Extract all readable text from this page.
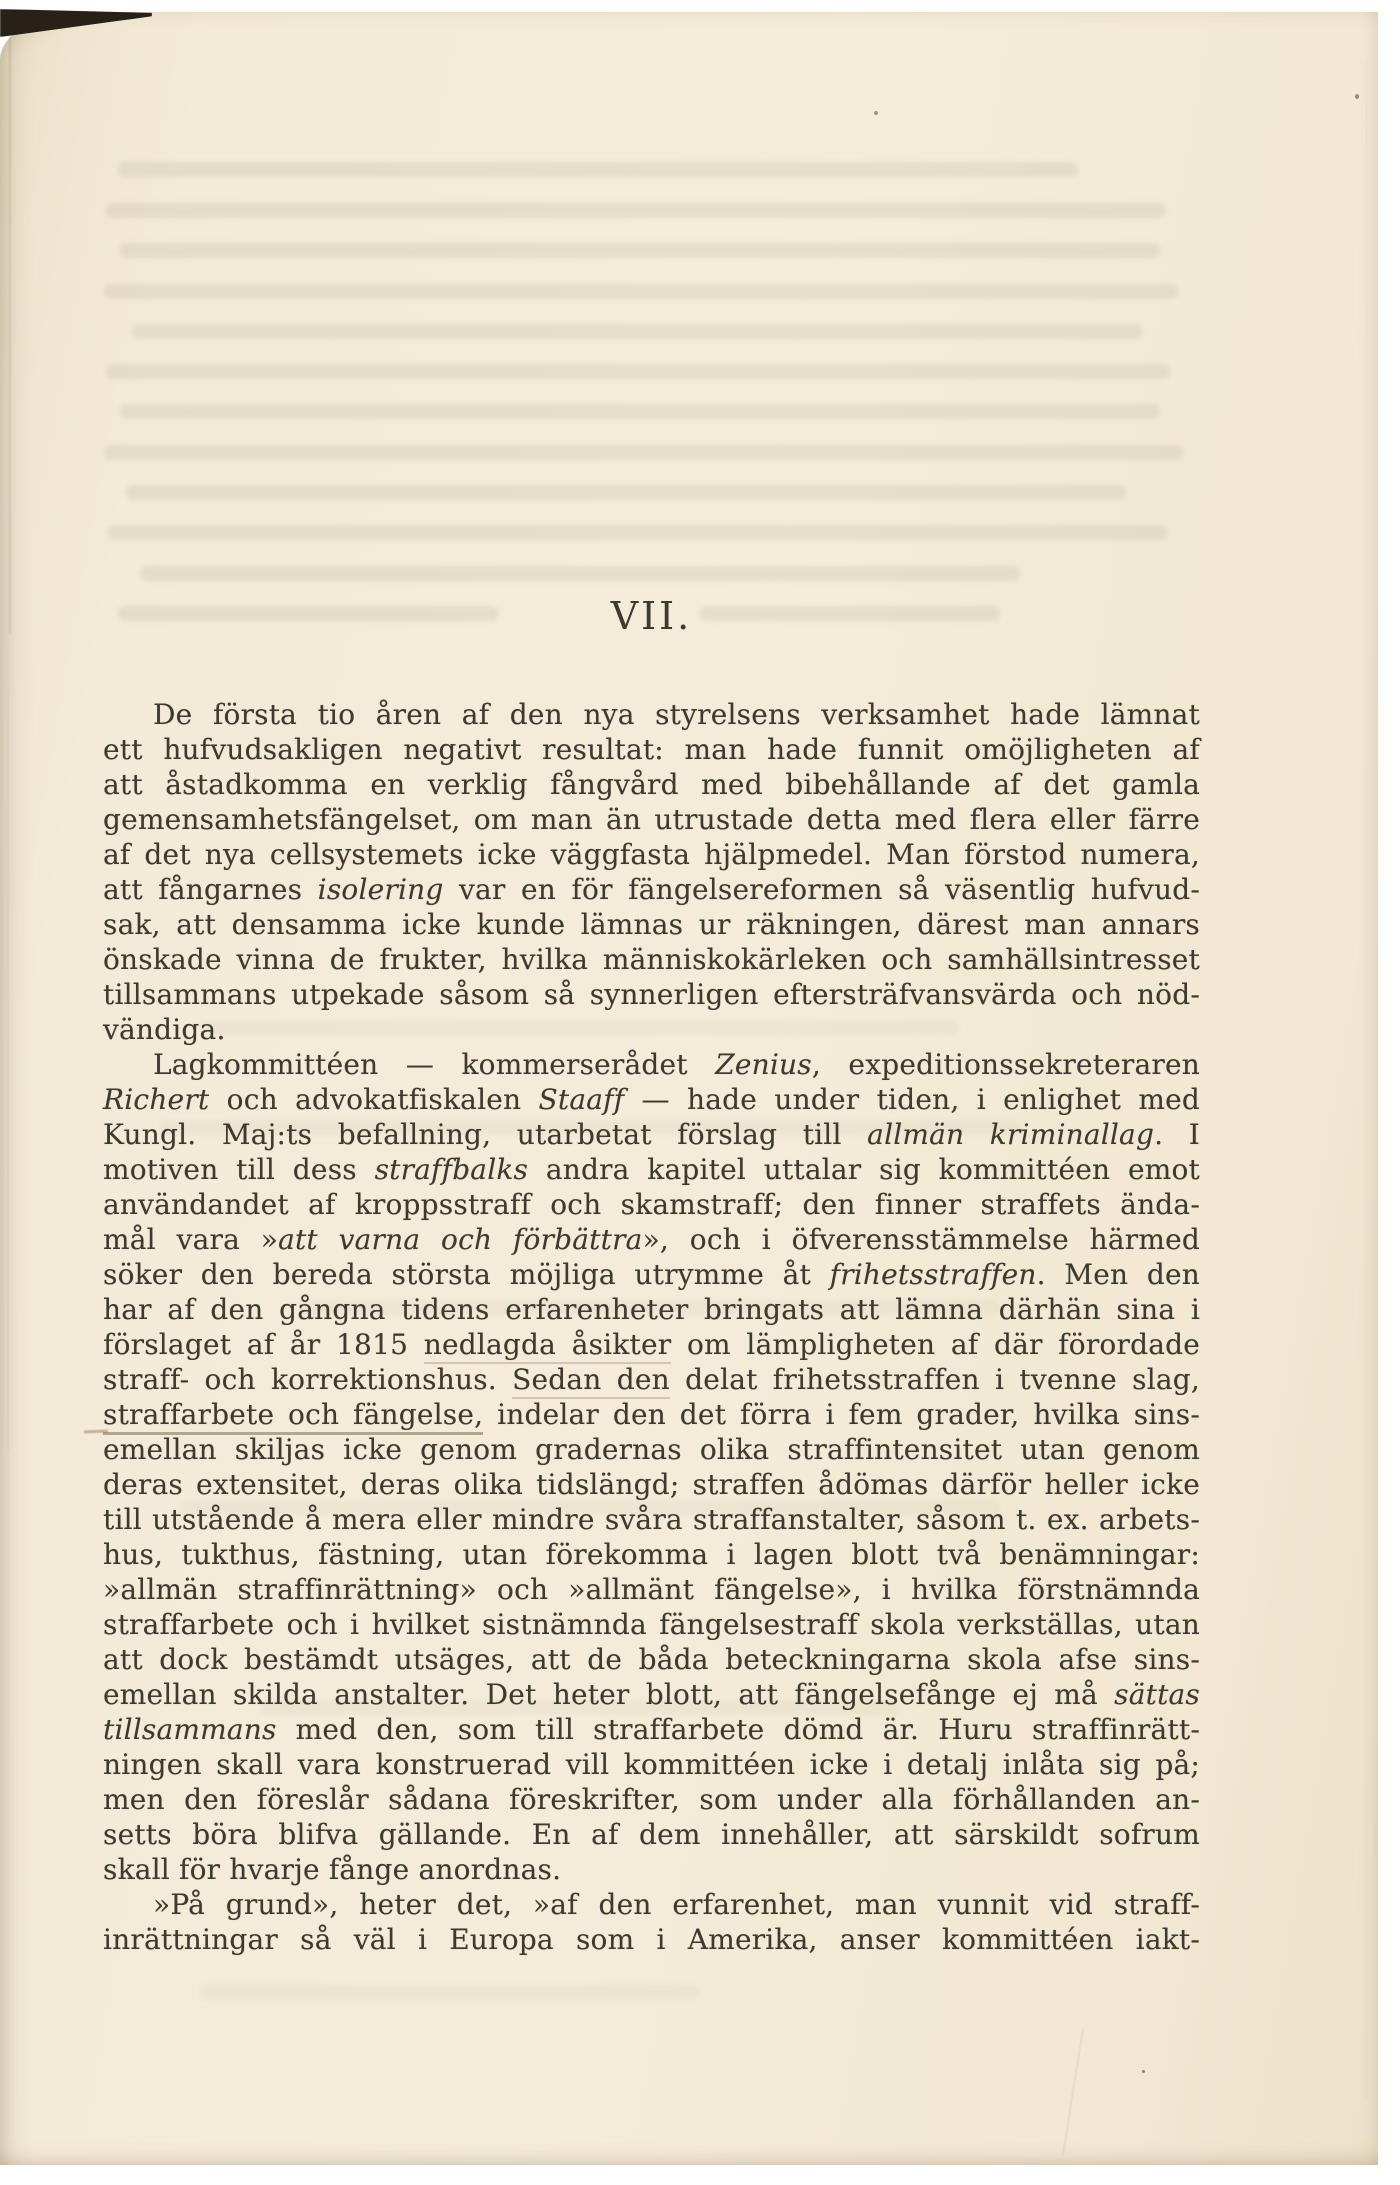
VII.
De första tio åren af den nya styrelsens verksamhet hade lämnat
ett hufvudsakligen negativt resultat: man hade funnit omöjligheten af
att åstadkomma en verklig fångvård med bibehållande af det gamla
gemensamhetsfängelset, om man än utrustade detta med flera eller färre
af det nya cellsystemets icke väggfasta hjälpmedel. Man förstod numera,
att fångarnes isolering var en för fängelsereformen så väsentlig hufvud-
sak, att densamma icke kunde lämnas ur räkningen, därest man annars
önskade vinna de frukter, hvilka människokärleken och samhällsintresset
tillsammans utpekade såsom så synnerligen eftersträfvansvärda och nöd-
vändiga.
Lagkommittéen — kommerserådet Zenius, expeditionssekreteraren
Richert och advokatfiskalen Staaff — hade under tiden, i enlighet med
Kungl. Maj:ts befallning, utarbetat förslag till allmän kriminallag. I
motiven till dess straffbalks andra kapitel uttalar sig kommittéen emot
användandet af kroppsstraff och skamstraff; den finner straffets ända-
mål vara »att varna och förbättra», och i öfverensstämmelse härmed
söker den bereda största möjliga utrymme åt frihetsstraffen. Men den
har af den gångna tidens erfarenheter bringats att lämna därhän sina i
förslaget af år 1815 nedlagda åsikter om lämpligheten af där förordade
straff- och korrektionshus. Sedan den delat frihetsstraffen i tvenne slag,
straffarbete och fängelse, indelar den det förra i fem grader, hvilka sins-
emellan skiljas icke genom gradernas olika straffintensitet utan genom
deras extensitet, deras olika tidslängd; straffen ådömas därför heller icke
till utstående å mera eller mindre svåra straffanstalter, såsom t. ex. arbets-
hus, tukthus, fästning, utan förekomma i lagen blott två benämningar:
»allmän straffinrättning» och »allmänt fängelse», i hvilka förstnämnda
straffarbete och i hvilket sistnämnda fängelsestraff skola verkställas, utan
att dock bestämdt utsäges, att de båda beteckningarna skola afse sins-
emellan skilda anstalter. Det heter blott, att fängelsefånge ej må sättas
tillsammans med den, som till straffarbete dömd är. Huru straffinrätt-
ningen skall vara konstruerad vill kommittéen icke i detalj inlåta sig på;
men den föreslår sådana föreskrifter, som under alla förhållanden an-
setts böra blifva gällande. En af dem innehåller, att särskildt sofrum
skall för hvarje fånge anordnas.
»På grund», heter det, »af den erfarenhet, man vunnit vid straff-
inrättningar så väl i Europa som i Amerika, anser kommittéen iakt-
